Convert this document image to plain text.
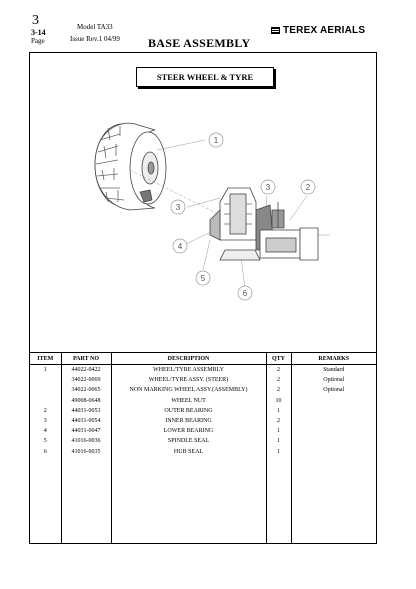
3
3-14
Page
Model TA33
Issue Rev.1 04/99 BASE ASSEMBLY
TEREX AERIALS
STEER WHEEL & TYRE
1
2
3
3
4
5
6
ITEM	PART NO	DESCRIPTION	QTY	REMARKS
1	44022-0422	WHEEL/TYRE ASSEMBLY	2	Standard
	34022-0069	WHEEL/TYRE ASSY. (STEER)	2	Optional
	34022-0065	NON MARKING WHEEL ASSY.(ASSEMBLY)	2	Optional
	49008-0648	WHEEL NUT	10	
2	44031-0053	OUTER BEARING	1	
3	44031-0054	INNER BEARING	2	
4	44031-0047	LOWER BEARING	1	
5	41016-0036	SPINDLE SEAL	1	
6	41016-0035	HUB SEAL	1	
